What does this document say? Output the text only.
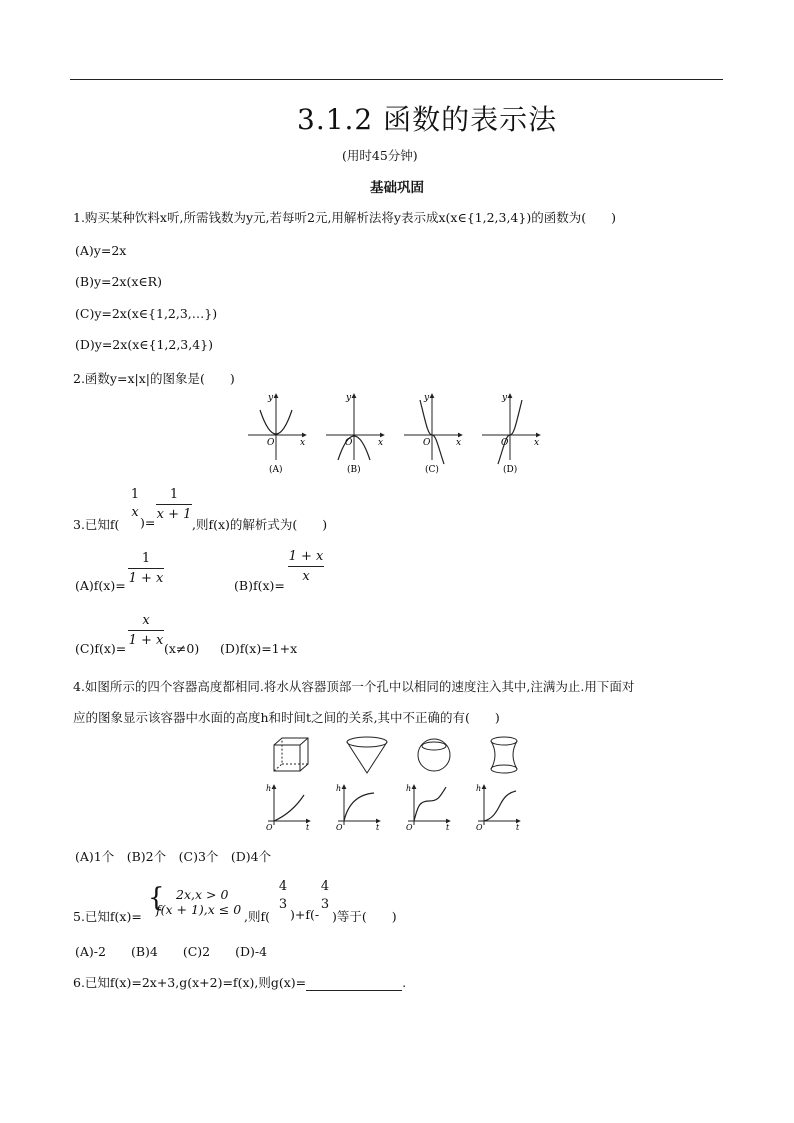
3.1.2 函数的表示法
(用时45分钟)
基础巩固
1.购买某种饮料x听,所需钱数为y元,若每听2元,用解析法将y表示成x(x∈{1,2,3,4})的函数为(　　)
(A)y=2x
(B)y=2x(x∈R)
(C)y=2x(x∈{1,2,3,…})
(D)y=2x(x∈{1,2,3,4})
2.函数y=x|x|的图象是(　　)
y
x
O
(A)
y
x
O
(B)
y
x
O
(C)
y
x
O
(D)
3.已知f(
1
x
)=
1
x + 1
,则f(x)的解析式为(　　)
(A)f(x)=
1
1 + x	(B)f(x)=
1 + x
x
(C)f(x)=
x
1 + x
(x≠0) (D)f(x)=1+x
4.如图所示的四个容器高度都相同.将水从容器顶部一个孔中以相同的速度注入其中,注满为止.用下面对
应的图象显示该容器中水面的高度h和时间t之间的关系,其中不正确的有(　　)
h
t
O
h
t
O
h
t
O
h
t
O
(A)1个　(B)2个　(C)3个　(D)4个
5.已知f(x)=
{ 2x,x > 0
f(x + 1),x ≤ 0 ,则f(
4
3
)+f(-
4
3
)等于(　　)
(A)-2　　(B)4　　(C)2　　(D)-4
6.已知f(x)=2x+3,g(x+2)=f(x),则g(x)=	.
